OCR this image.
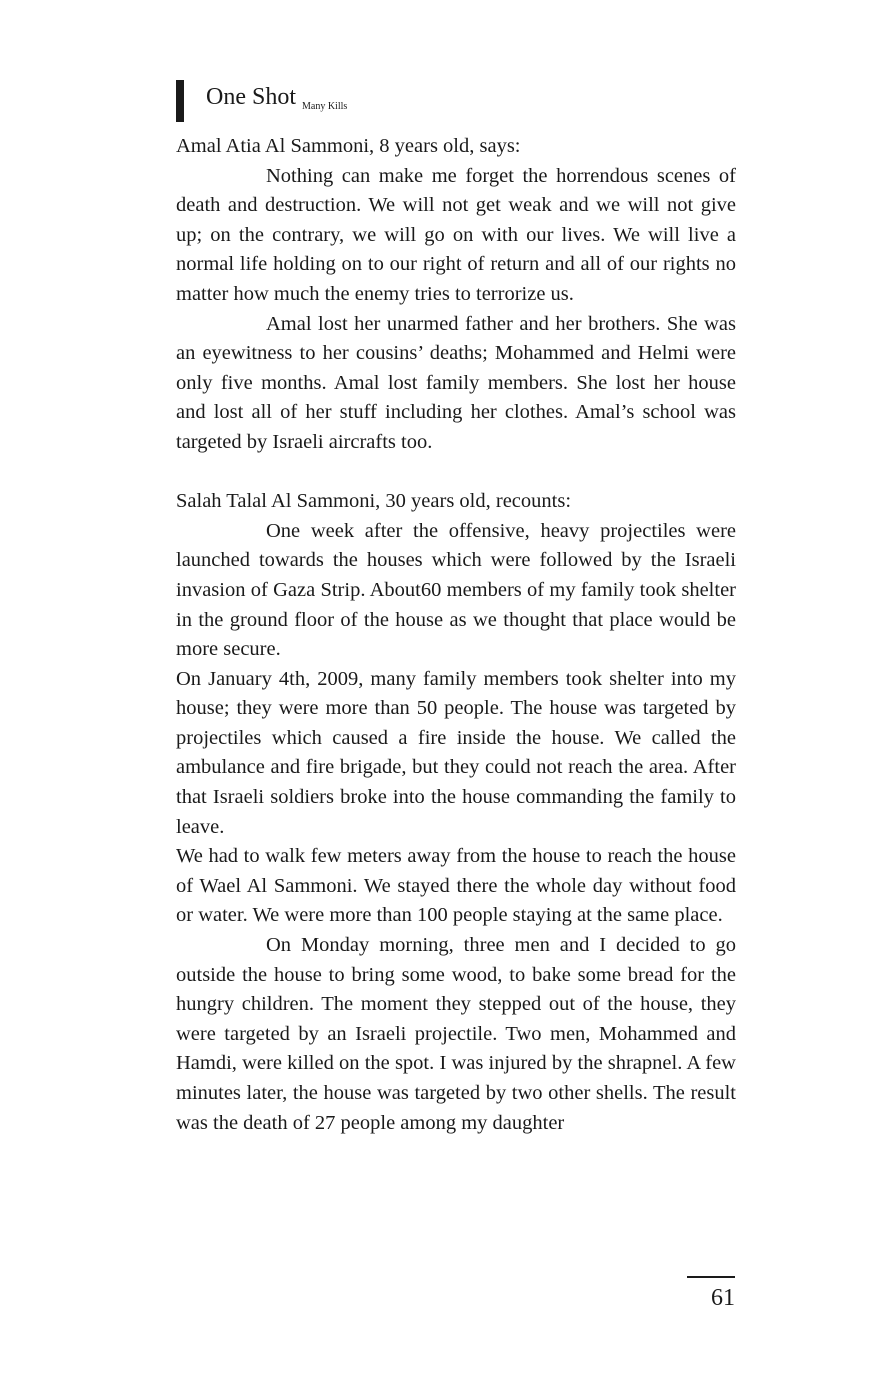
One Shot Many Kills

Amal Atia Al Sammoni, 8 years old, says:

Nothing can make me forget the horrendous scenes of death and destruction. We will not get weak and we will not give up; on the contrary, we will go on with our lives. We will live a normal life holding on to our right of return and all of our rights no matter how much the enemy tries to terrorize us.

Amal lost her unarmed father and her brothers. She was an eyewitness to her cousins’ deaths; Mohammed and Helmi were only five months. Amal lost family members. She lost her house and lost all of her stuff including her clothes. Amal’s school was targeted by Israeli aircrafts too.

Salah Talal Al Sammoni, 30 years old, recounts:

One week after the offensive, heavy projectiles were launched towards the houses which were followed by the Israeli invasion of Gaza Strip. About60 members of my family took shelter in the ground floor of the house as we thought that place would be more secure.

On January 4th, 2009, many family members took shelter into my house; they were more than 50 people. The house was targeted by projectiles which caused a fire inside the house. We called the ambulance and fire brigade, but they could not reach the area. After that Israeli soldiers broke into the house commanding the family to leave.

We had to walk few meters away from the house to reach the house of Wael Al Sammoni. We stayed there the whole day without food or water. We were more than 100 people staying at the same place.

On Monday morning, three men and I decided to go outside the house to bring some wood, to bake some bread for the hungry children. The moment they stepped out of the house, they were targeted by an Israeli projectile. Two men, Mohammed and Hamdi, were killed on the spot. I was injured by the shrapnel. A few minutes later, the house was targeted by two other shells. The result was the death of 27 people among my daughter

61
